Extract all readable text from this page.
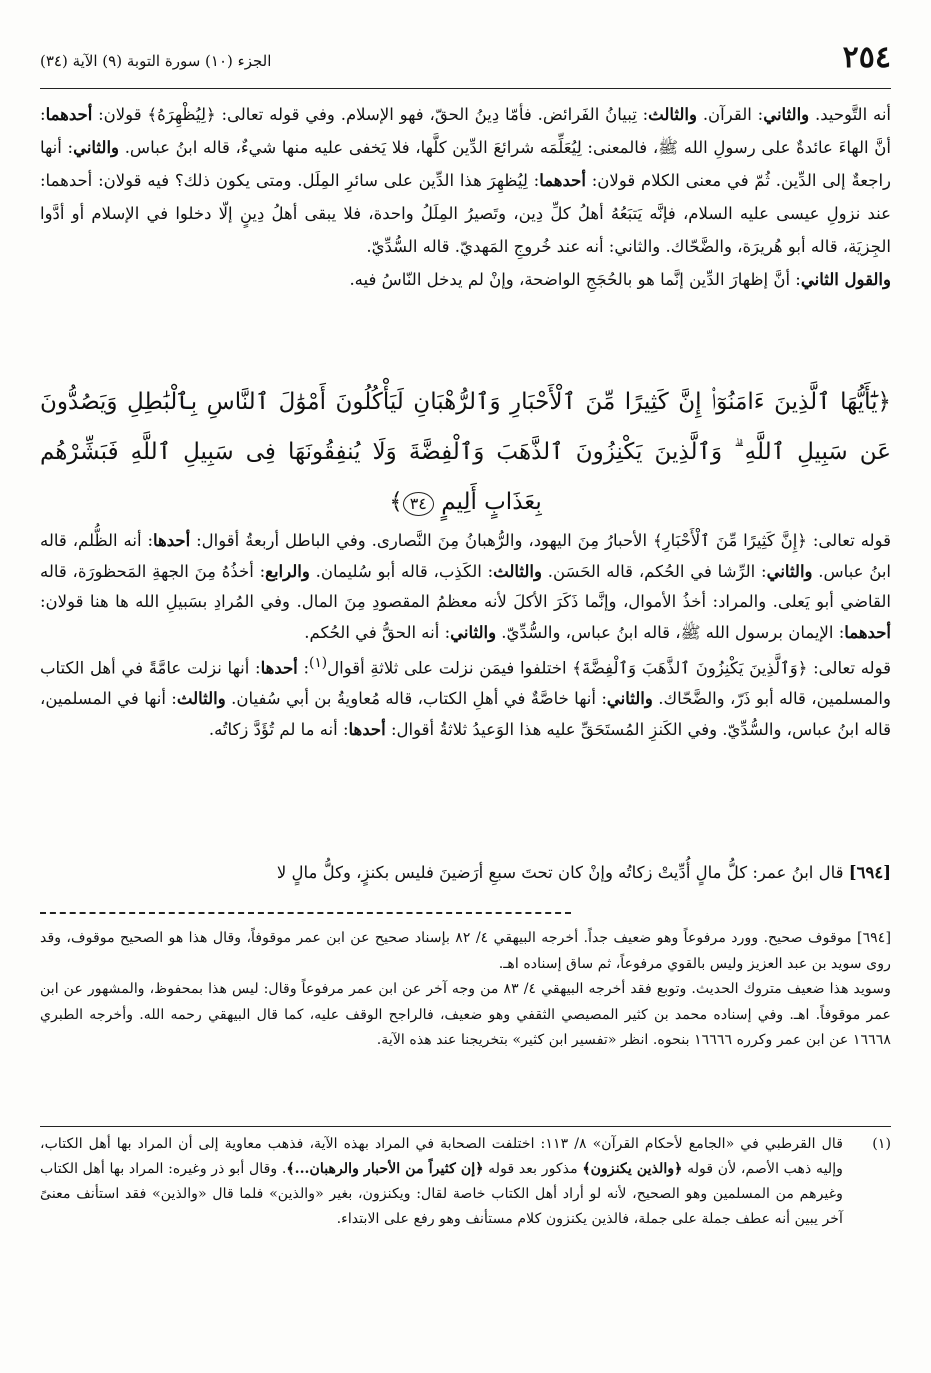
٢٥٤
الجزء (١٠) سورة التوبة (٩) الآية (٣٤)

أنه التَّوحيد. والثاني: القرآن. والثالث: تِبيانُ الفَرائض. فأمّا دِينُ الحقّ، فهو الإسلام. وفي قوله تعالى: ﴿لِيُظْهِرَهُ﴾ قولان: أحدهما: أنَّ الهاءَ عائدةٌ على رسولِ الله ﷺ، فالمعنى: لِيُعَلِّمَه شرائعَ الدِّين كلَّها، فلا يَخفى عليه منها شيءٌ، قاله ابنُ عباس. والثاني: أنها راجعةٌ إلى الدِّين. ثُمّ في معنى الكلام قولان: أحدهما: لِيُظهِرَ هذا الدِّين على سائرِ المِلَل. ومتى يكون ذلك؟ فيه قولان: أحدهما: عند نزولِ عيسى عليه السلام، فإنَّه يَتبَعُهُ أهلُ كلِّ دِين، وتَصيرُ المِلَلُ واحدة، فلا يبقى أهلُ دِينٍ إلّا دخلوا في الإسلام أو أدَّوا الجِزيَة، قاله أبو هُريرَة، والضَّحّاك. والثاني: أنه عند خُروجِ المَهديّ. قاله السُّدِّيّ.

والقول الثاني: أنَّ إظهارَ الدِّين إنَّما هو بالحُجَجِ الواضحة، وإنْ لم يدخل النّاسُ فيه.

﴿يَٰٓأَيُّهَا ٱلَّذِينَ ءَامَنُوٓا۟ إِنَّ كَثِيرًا مِّنَ ٱلْأَحْبَارِ وَٱلرُّهْبَانِ لَيَأْكُلُونَ أَمْوَٰلَ ٱلنَّاسِ بِٱلْبَٰطِلِ وَيَصُدُّونَ عَن سَبِيلِ ٱللَّهِ ۗ وَٱلَّذِينَ يَكْنِزُونَ ٱلذَّهَبَ وَٱلْفِضَّةَ وَلَا يُنفِقُونَهَا فِى سَبِيلِ ٱللَّهِ فَبَشِّرْهُم بِعَذَابٍ أَلِيمٍ ٣٤﴾

قوله تعالى: ﴿إِنَّ كَثِيرًا مِّنَ ٱلْأَحْبَارِ﴾ الأحبارُ مِنَ اليهود، والرُّهبانُ مِنَ النَّصارى. وفي الباطل أربعةُ أقوال: أحدها: أنه الظُّلم، قاله ابنُ عباس. والثاني: الرِّشا في الحُكم، قاله الحَسَن. والثالث: الكَذِب، قاله أبو سُليمان. والرابع: أخذُهُ مِنَ الجهةِ المَحظورَة، قاله القاضي أبو يَعلى. والمراد: أخذُ الأموال، وإنَّما ذَكَرَ الأكلَ لأنه معظمُ المقصودِ مِنَ المال. وفي المُرادِ بسَبيلِ الله ها هنا قولان: أحدهما: الإيمان برسول الله ﷺ، قاله ابنُ عباس، والسُّدِّيّ. والثاني: أنه الحقُّ في الحُكم.

قوله تعالى: ﴿وَٱلَّذِينَ يَكْنِزُونَ ٱلذَّهَبَ وَٱلْفِضَّةَ﴾ اختلفوا فيمَن نزلت على ثلاثةِ أقوال$^{(١)}$: أحدها: أنها نزلت عامَّةً في أهل الكتاب والمسلمين، قاله أبو ذَرّ، والضَّحّاك. والثاني: أنها خاصَّةٌ في أهلِ الكتاب، قاله مُعاويةُ بن أبي سُفيان. والثالث: أنها في المسلمين، قاله ابنُ عباس، والسُّدِّيّ. وفي الكَنزِ المُستَحَقِّ عليه هذا الوَعيدُ ثلاثةُ أقوال: أحدها: أنه ما لم تُؤَدَّ زكاتُه.

[٦٩٤] قال ابنُ عمر: كلُّ مالٍ أُدِّيتْ زكاتُه وإنْ كان تحتَ سبعِ أرَضينَ فليس بكنزٍ، وكلُّ مالٍ لا

[٦٩٤] موقوف صحيح. وورد مرفوعاً وهو ضعيف جداً. أخرجه البيهقي ٤/ ٨٢ بإسناد صحيح عن ابن عمر موقوفاً، وقال هذا هو الصحيح موقوف، وقد روى سويد بن عبد العزيز وليس بالقوي مرفوعاً، ثم ساق إسناده اهـ.

وسويد هذا ضعيف متروك الحديث. وتوبع فقد أخرجه البيهقي ٤/ ٨٣ من وجه آخر عن ابن عمر مرفوعاً وقال: ليس هذا بمحفوظ، والمشهور عن ابن عمر موقوفاً. اهـ. وفي إسناده محمد بن كثير المصيصي الثقفي وهو ضعيف، فالراجح الوقف عليه، كما قال البيهقي رحمه الله. وأخرجه الطبري ١٦٦٦٨ عن ابن عمر وكرره ١٦٦٦٦ بنحوه. انظر «تفسير ابن كثير» بتخريجنا عند هذه الآية.

(١)

قال القرطبي في «الجامع لأحكام القرآن» ٨/ ١١٣: اختلفت الصحابة في المراد بهذه الآية، فذهب معاوية إلى أن المراد بها أهل الكتاب، وإليه ذهب الأصم، لأن قوله ﴿والذين يكنزون﴾ مذكور بعد قوله ﴿إن كثيراً من الأحبار والرهبان...﴾. وقال أبو ذر وغيره: المراد بها أهل الكتاب وغيرهم من المسلمين وهو الصحيح، لأنه لو أراد أهل الكتاب خاصة لقال: ويكنزون، بغير «والذين» فلما قال «والذين» فقد استأنف معنىً آخر يبين أنه عطف جملة على جملة، فالذين يكنزون كلام مستأنف وهو رفع على الابتداء.
